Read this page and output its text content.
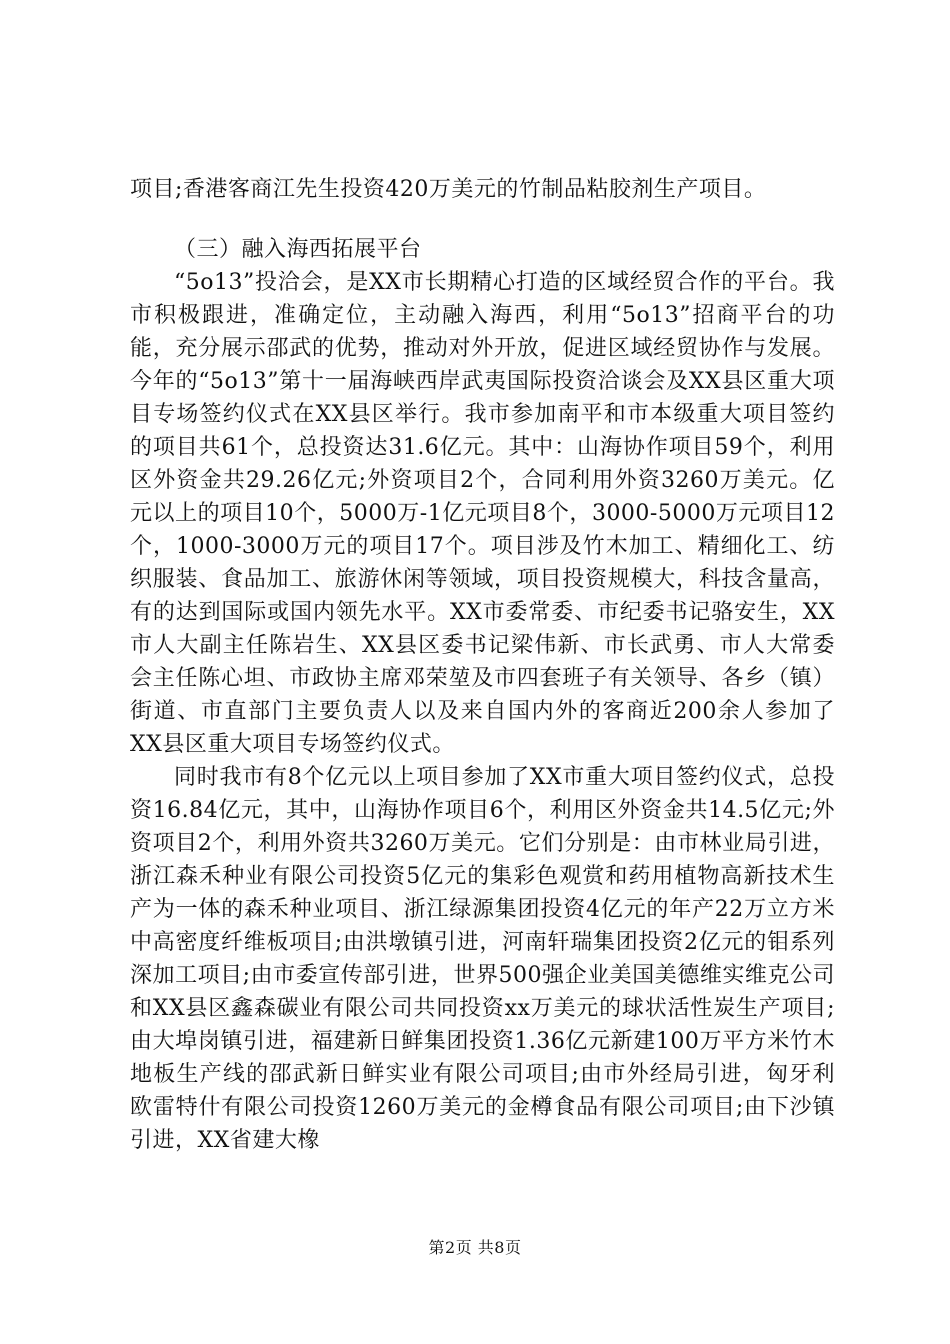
项目;香港客商江先生投资420万美元的竹制品粘胶剂生产项目。

（三）融入海西拓展平台

“5o13”投洽会，是XX市长期精心打造的区域经贸合作的平台。我市积极跟进，准确定位，主动融入海西，利用“5o13”招商平台的功能，充分展示邵武的优势，推动对外开放，促进区域经贸协作与发展。今年的“5o13”第十一届海峡西岸武夷国际投资洽谈会及XX县区重大项目专场签约仪式在XX县区举行。我市参加南平和市本级重大项目签约的项目共61个，总投资达31.6亿元。其中：山海协作项目59个，利用区外资金共29.26亿元;外资项目2个，合同利用外资3260万美元。亿元以上的项目10个，5000万-1亿元项目8个，3000-5000万元项目12个，1000-3000万元的项目17个。项目涉及竹木加工、精细化工、纺织服装、食品加工、旅游休闲等领域，项目投资规模大，科技含量高，有的达到国际或国内领先水平。XX市委常委、市纪委书记骆安生，XX市人大副主任陈岩生、XX县区委书记梁伟新、市长武勇、市人大常委会主任陈心坦、市政协主席邓荣堃及市四套班子有关领导、各乡（镇）街道、市直部门主要负责人以及来自国内外的客商近200余人参加了XX县区重大项目专场签约仪式。

同时我市有8个亿元以上项目参加了XX市重大项目签约仪式，总投资16.84亿元，其中，山海协作项目6个，利用区外资金共14.5亿元;外资项目2个，利用外资共3260万美元。它们分别是：由市林业局引进，浙江森禾种业有限公司投资5亿元的集彩色观赏和药用植物高新技术生产为一体的森禾种业项目、浙江绿源集团投资4亿元的年产22万立方米中高密度纤维板项目;由洪墩镇引进，河南轩瑞集团投资2亿元的钼系列深加工项目;由市委宣传部引进，世界500强企业美国美德维实维克公司和XX县区鑫森碳业有限公司共同投资xx万美元的球状活性炭生产项目;由大埠岗镇引进，福建新日鲜集团投资1.36亿元新建100万平方米竹木地板生产线的邵武新日鲜实业有限公司项目;由市外经局引进，匈牙利欧雷特什有限公司投资1260万美元的金樽食品有限公司项目;由下沙镇引进，XX省建大橡

第2页 共8页
